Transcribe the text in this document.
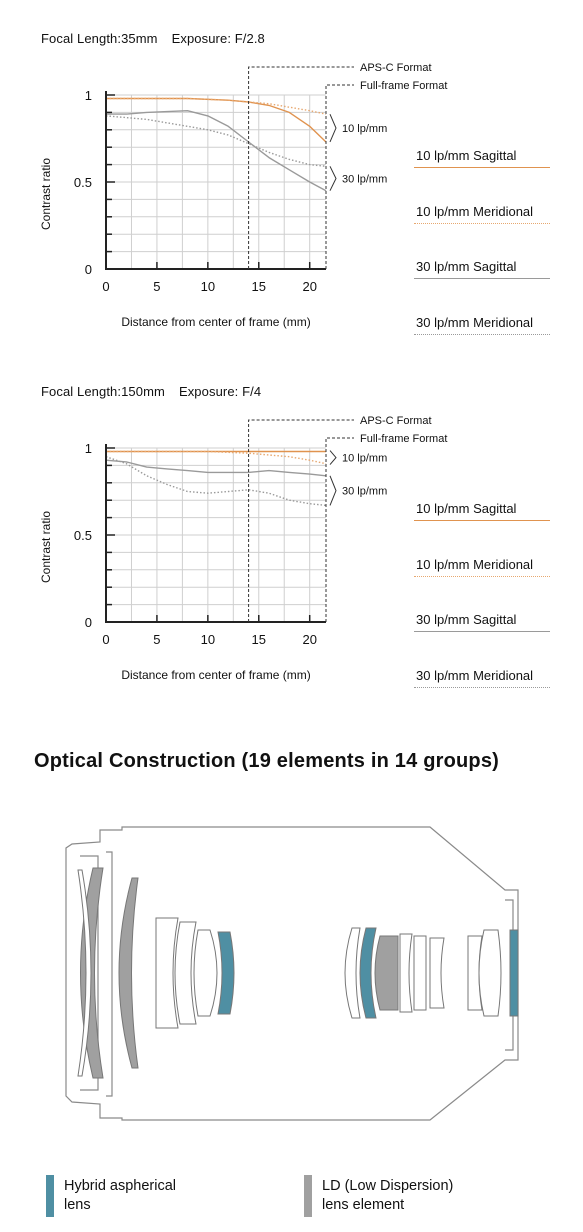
Focal Length:35mm Exposure: F/2.8
1
0.5
0
0	5	10	15	20
Contrast ratio
Distance from center of frame (mm)
APS-C Format
Full-frame Format
10 lp/mm
30 lp/mm
10 lp/mm Sagittal
10 lp/mm Meridional
30 lp/mm Sagittal
30 lp/mm Meridional
Focal Length:150mm Exposure: F/4
1
0.5
0
0	5	10	15	20
Contrast ratio
Distance from center of frame (mm)
APS-C Format
Full-frame Format
10 lp/mm
30 lp/mm
10 lp/mm Sagittal
10 lp/mm Meridional
30 lp/mm Sagittal
30 lp/mm Meridional
Optical Construction (19 elements in 14 groups)
Hybrid aspherical
lens
LD (Low Dispersion)
lens element
